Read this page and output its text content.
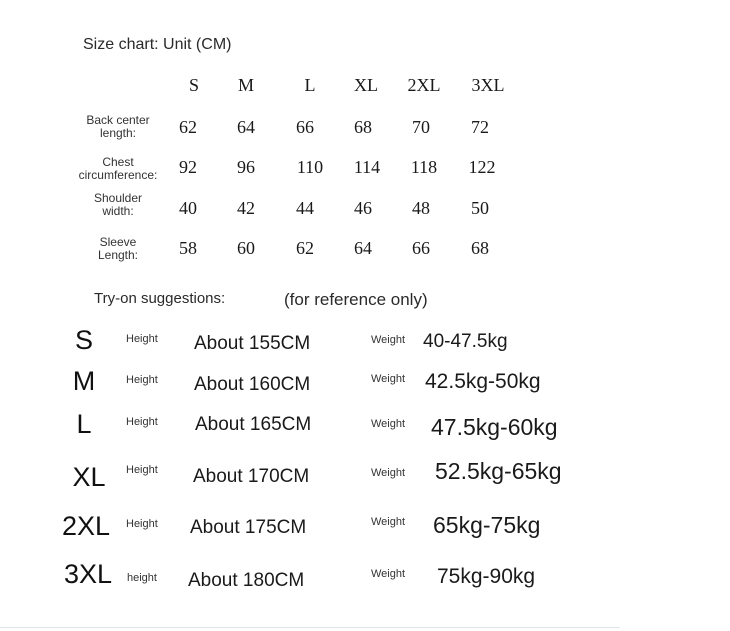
Size chart: Unit (CM)
S	M	L	XL	2XL	3XL
Back center
length:	62	64	66	68	70	72
Chest
circumference:	92	96	110	114	118	122
Shoulder
width:	40	42	44	46	48	50
Sleeve
Length:	58	60	62	64	66	68
Try-on suggestions:	(for reference only)
S	Height About 155CM	Weight 40-47.5kg
M	Height About 160CM	Weight 42.5kg-50kg
L	Height About 165CM	Weight 47.5kg-60kg
XL	Height About 170CM	Weight 52.5kg-65kg
2XL	Height About 175CM	Weight 65kg-75kg
3XL	height About 180CM	Weight 75kg-90kg
